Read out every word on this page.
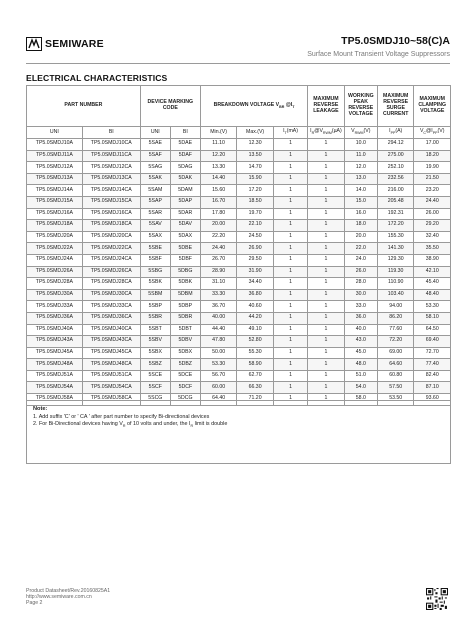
SEMIWARE	TP5.0SMDJ10~58(C)A
Surface Mount Transient Voltage Suppressors
ELECTRICAL CHARACTERISTICS
PART NUMBER		DEVICE MARKING CODE		BREAKDOWN VOLTAGE $V_{BR}$ $@I_T$			MAXIMUM REVERSE LEAKAGE	WORKING PEAK REVERSE VOLTAGE	MAXIMUM REVERSE SURGE CURRENT	MAXIMUM CLAMPING VOLTAGE
UNI	BI	UNI	BI	Min.(V)	Max.(V)	$I_T(mA)$	$I_R@V_{RWM}(\mu A)$	$V_{RWM}(V)$	$I_{PP}(A)$	$V_C@I_{PP}(V)$
TP5.0SMDJ10A	TP5.0SMDJ10CA	5SAE	5DAE	11.10	12.30	1	1	10.0	294.12	17.00
TP5.0SMDJ11A	TP5.0SMDJ11CA	5SAF	5DAF	12.20	13.50	1	1	11.0	275.00	18.20
TP5.0SMDJ12A	TP5.0SMDJ12CA	5SAG	5DAG	13.30	14.70	1	1	12.0	252.10	19.90
TP5.0SMDJ13A	TP5.0SMDJ13CA	5SAK	5DAK	14.40	15.90	1	1	13.0	232.56	21.50
TP5.0SMDJ14A	TP5.0SMDJ14CA	5SAM	5DAM	15.60	17.20	1	1	14.0	216.00	23.20
TP5.0SMDJ15A	TP5.0SMDJ15CA	5SAP	5DAP	16.70	18.50	1	1	15.0	205.48	24.40
TP5.0SMDJ16A	TP5.0SMDJ16CA	5SAR	5DAR	17.80	19.70	1	1	16.0	192.31	26.00
TP5.0SMDJ18A	TP5.0SMDJ18CA	5SAV	5DAV	20.00	22.10	1	1	18.0	172.20	29.20
TP5.0SMDJ20A	TP5.0SMDJ20CA	5SAX	5DAX	22.20	24.50	1	1	20.0	155.30	32.40
TP5.0SMDJ22A	TP5.0SMDJ22CA	5SBE	5DBE	24.40	26.90	1	1	22.0	141.30	35.50
TP5.0SMDJ24A	TP5.0SMDJ24CA	5SBF	5DBF	26.70	29.50	1	1	24.0	129.30	38.90
TP5.0SMDJ26A	TP5.0SMDJ26CA	5SBG	5DBG	28.90	31.90	1	1	26.0	119.30	42.10
TP5.0SMDJ28A	TP5.0SMDJ28CA	5SBK	5DBK	31.10	34.40	1	1	28.0	110.90	45.40
TP5.0SMDJ30A	TP5.0SMDJ30CA	5SBM	5DBM	33.30	36.80	1	1	30.0	103.40	48.40
TP5.0SMDJ33A	TP5.0SMDJ33CA	5SBP	5DBP	36.70	40.60	1	1	33.0	94.00	53.30
TP5.0SMDJ36A	TP5.0SMDJ36CA	5SBR	5DBR	40.00	44.20	1	1	36.0	86.20	58.10
TP5.0SMDJ40A	TP5.0SMDJ40CA	5SBT	5DBT	44.40	49.10	1	1	40.0	77.60	64.50
TP5.0SMDJ43A	TP5.0SMDJ43CA	5SBV	5DBV	47.80	52.80	1	1	43.0	72.20	69.40
TP5.0SMDJ45A	TP5.0SMDJ45CA	5SBX	5DBX	50.00	55.30	1	1	45.0	69.00	72.70
TP5.0SMDJ48A	TP5.0SMDJ48CA	5SBZ	5DBZ	53.30	58.90	1	1	48.0	64.60	77.40
TP5.0SMDJ51A	TP5.0SMDJ51CA	5SCE	5DCE	56.70	62.70	1	1	51.0	60.80	82.40
TP5.0SMDJ54A	TP5.0SMDJ54CA	5SCF	5DCF	60.00	66.30	1	1	54.0	57.50	87.10
TP5.0SMDJ58A	TP5.0SMDJ58CA	5SCG	5DCG	64.40	71.20	1	1	58.0	53.50	93.60
Note:
1. Add suffix 'C' or ' CA ' after part number to specify Bi-directional devices
2. For Bi-Directional devices having $V_R$ of 10 volts and under, the $I_R$ limit is double
Product Datasheet/Rev.20160825A1
http://www.semiware.com.cn
Page 2
